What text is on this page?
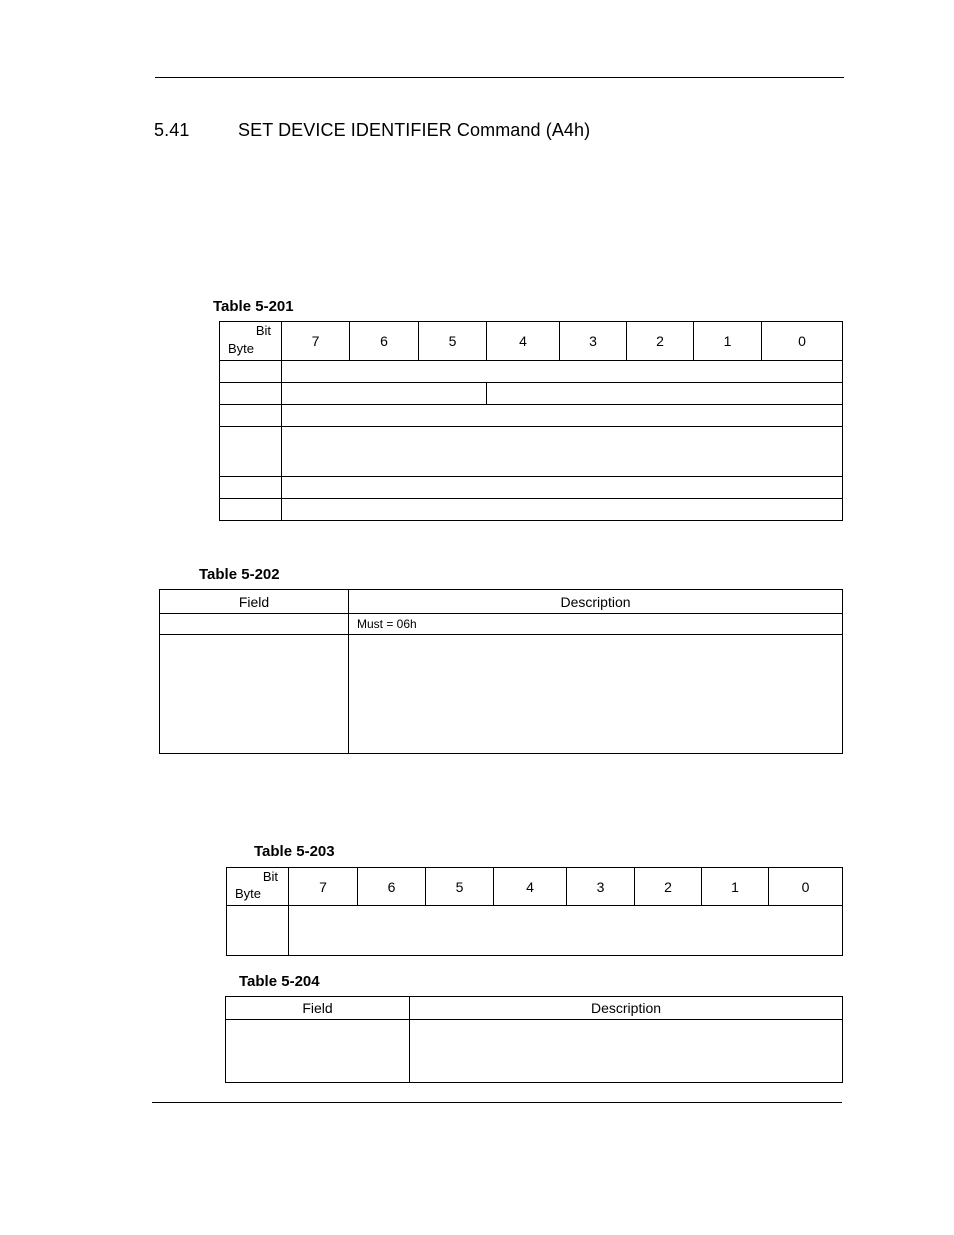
5.41	SET DEVICE IDENTIFIER Command (A4h)
Table 5-201
Bit
Byte	7	6	5	4	3	2	1	0

Table 5-202
Field	Description
	Must = 06h

Table 5-203
Bit
Byte	7	6	5	4	3	2	1	0

Table 5-204
Field	Description
